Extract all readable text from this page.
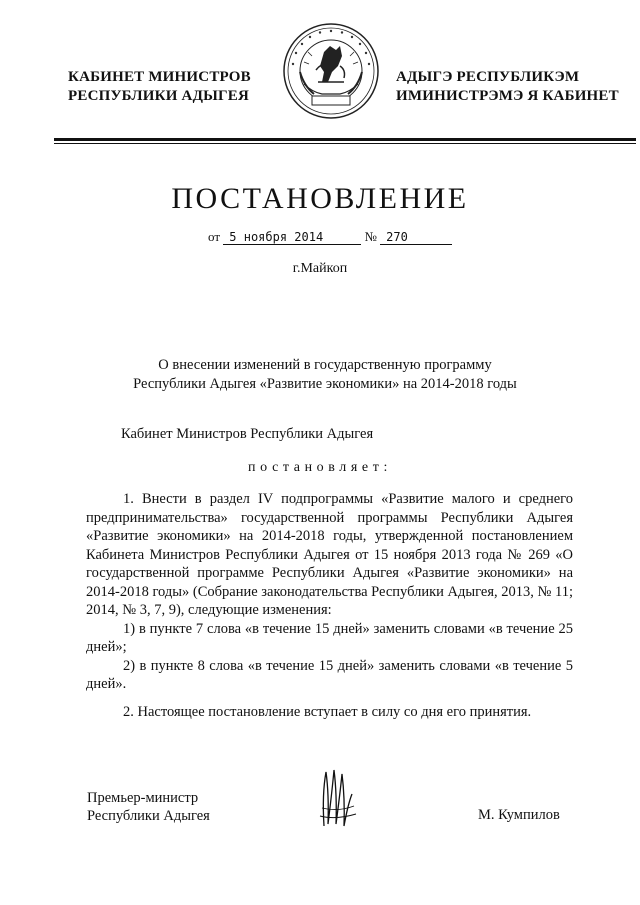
КАБИНЕТ МИНИСТРОВ
РЕСПУБЛИКИ АДЫГЕЯ
АДЫГЭ РЕСПУБЛИКЭМ
ИМИНИСТРЭМЭ Я КАБИНЕТ
ПОСТАНОВЛЕНИЕ
от 5 ноября 2014	№ 270
г.Майкоп
О внесении изменений в государственную программу
Республики Адыгея «Развитие экономики» на 2014-2018 годы
Кабинет Министров Республики Адыгея
постановляет:

1. Внести в раздел IV подпрограммы «Развитие малого и среднего предпринимательства» государственной программы Республики Адыгея «Развитие экономики» на 2014-2018 годы, утвержденной постановлением Кабинета Министров Республики Адыгея от 15 ноября 2013 года № 269 «О государственной программе Республики Адыгея «Развитие экономики» на 2014-2018 годы» (Собрание законодательства Республики Адыгея, 2013, № 11; 2014, № 3, 7, 9), следующие изменения:

1) в пункте 7 слова «в течение 15 дней» заменить словами «в течение 25 дней»;

2) в пункте 8 слова «в течение 15 дней» заменить словами «в течение 5 дней».

2. Настоящее постановление вступает в силу со дня его принятия.

Премьер-министр
Республики Адыгея	М. Кумпилов
